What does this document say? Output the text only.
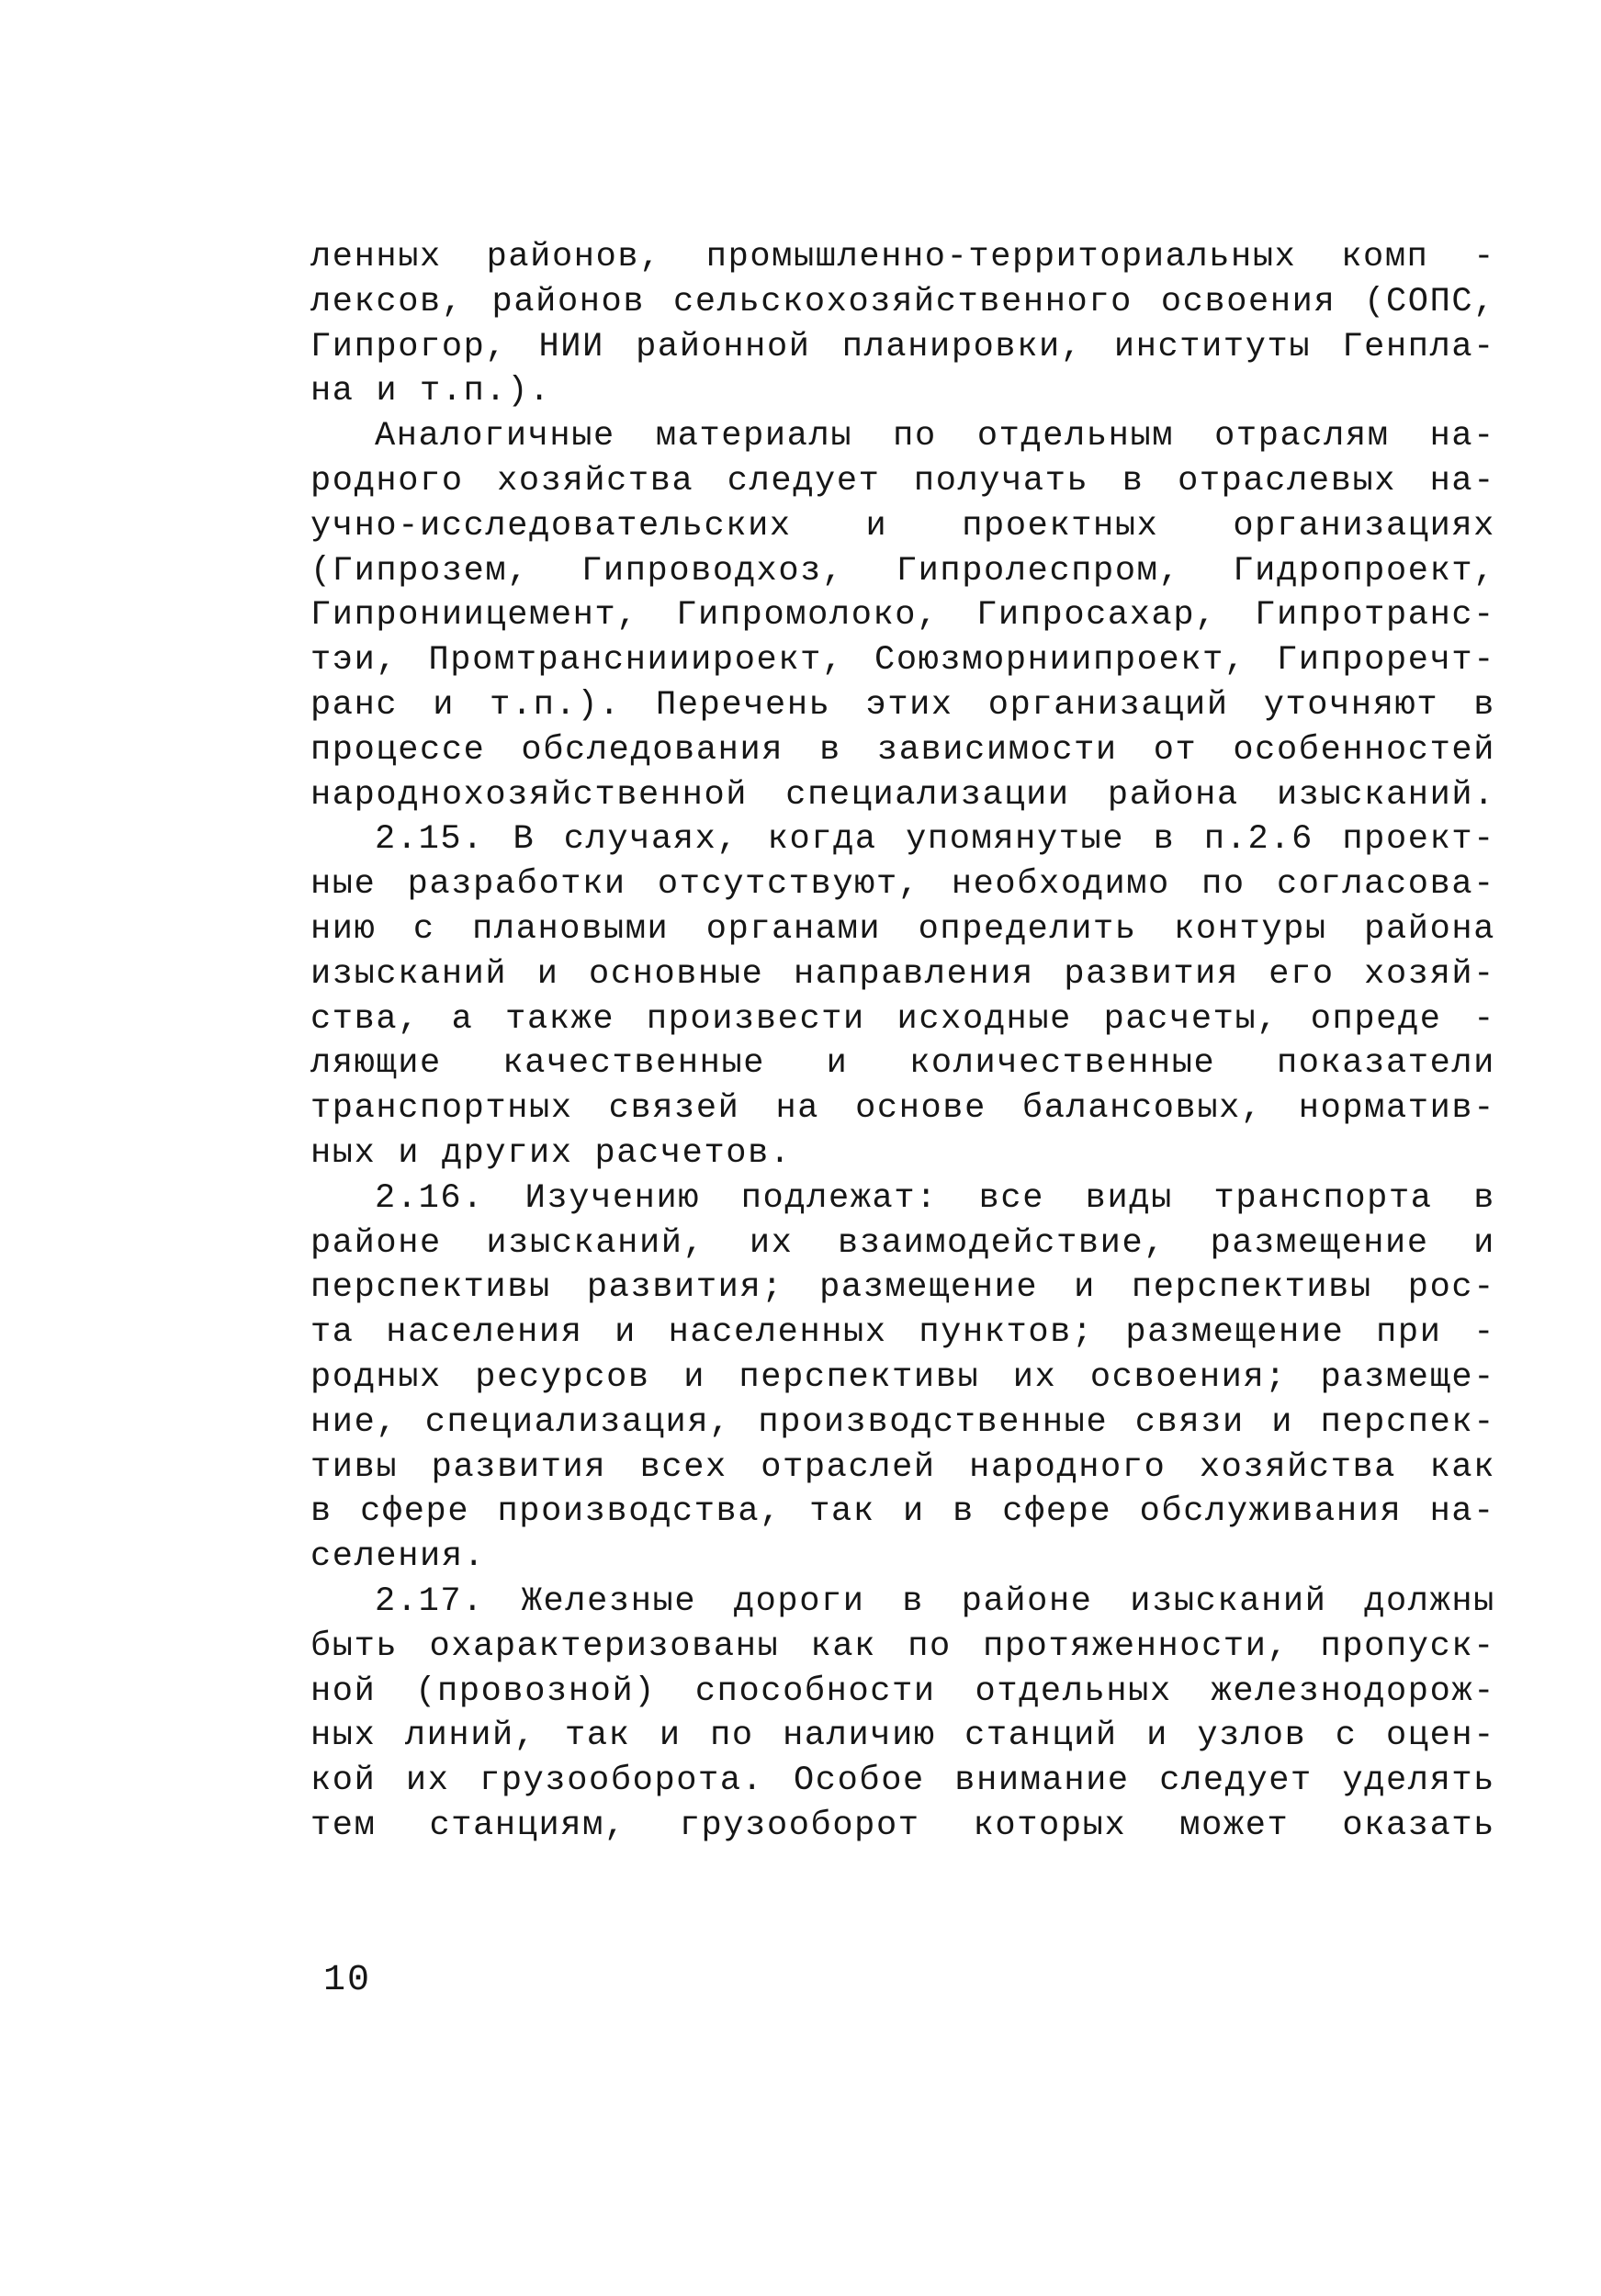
ленных районов, промышленно-территориальных комп -
лексов, районов сельскохозяйственного освоения (СОПС,
Гипрогор, НИИ районной планировки, институты Генпла-
на и т.п.).
Аналогичные материалы по отдельным отраслям на-
родного хозяйства следует получать в отраслевых на-
учно-исследовательских и проектных организациях
(Гипрозем, Гипроводхоз, Гипролеспром, Гидропроект,
Гипрониицемент, Гипромолоко, Гипросахар, Гипротранс-
тэи, Промтранснииироект, Союзморниипроект, Гипроречт-
ранс и т.п.). Перечень этих организаций уточняют в
процессе обследования в зависимости от особенностей
народнохозяйственной специализации района изысканий.
2.15. В случаях, когда упомянутые в п.2.6 проект-
ные разработки отсутствуют, необходимо по согласова-
нию с плановыми органами определить контуры района
изысканий и основные направления развития его хозяй-
ства, а также произвести исходные расчеты, опреде -
ляющие качественные и количественные показатели
транспортных связей на основе балансовых, норматив-
ных и других расчетов.
2.16. Изучению подлежат: все виды транспорта в
районе изысканий, их взаимодействие, размещение и
перспективы развития; размещение и перспективы рос-
та населения и населенных пунктов; размещение при -
родных ресурсов и перспективы их освоения; размеще-
ние, специализация, производственные связи и перспек-
тивы развития всех отраслей народного хозяйства как
в сфере производства, так и в сфере обслуживания на-
селения.
2.17. Железные дороги в районе изысканий должны
быть охарактеризованы как по протяженности, пропуск-
ной (провозной) способности отдельных железнодорож-
ных линий, так и по наличию станций и узлов с оцен-
кой их грузооборота. Особое внимание следует уделять
тем станциям, грузооборот которых может оказать
10
